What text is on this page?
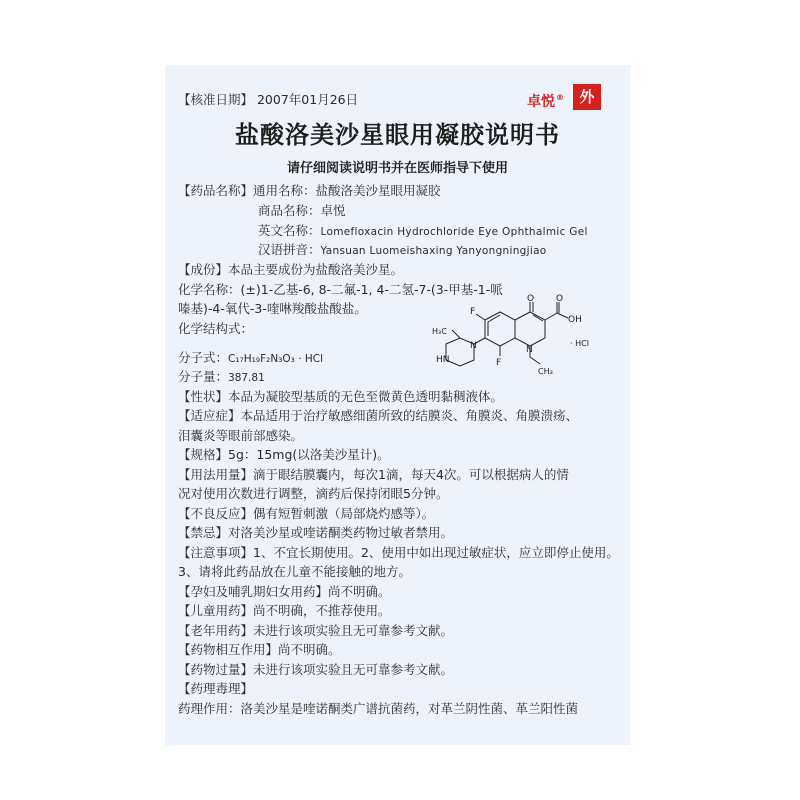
【核准日期】 2007年01月26日	卓悦®	外
盐酸洛美沙星眼用凝胶说明书
请仔细阅读说明书并在医师指导下使用
【药品名称】通用名称：盐酸洛美沙星眼用凝胶
商品名称：卓悦
英文名称：Lomefloxacin Hydrochloride Eye Ophthalmic Gel
汉语拼音：Yansuan Luomeishaxing Yanyongningjiao
【成份】本品主要成份为盐酸洛美沙星。
化学名称：(±)1-乙基-6, 8-二氟-1, 4-二氢-7-(3-甲基-1-哌
嗪基)-4-氧代-3-喹啉羧酸盐酸盐。
化学结构式：
F
F
O O
OH
N
N
HN
H₃C
CH₃
· HCl
分子式：C₁₇H₁₉F₂N₃O₃ · HCl
分子量：387.81
【性状】本品为凝胶型基质的无色至微黄色透明黏稠液体。
【适应症】本品适用于治疗敏感细菌所致的结膜炎、角膜炎、角膜溃疡、
泪囊炎等眼前部感染。
【规格】5g：15mg(以洛美沙星计)。
【用法用量】滴于眼结膜囊内，每次1滴，每天4次。可以根据病人的情
况对使用次数进行调整，滴药后保持闭眼5分钟。
【不良反应】偶有短暂刺激（局部烧灼感等）。
【禁忌】对洛美沙星或喹诺酮类药物过敏者禁用。
【注意事项】1、不宜长期使用。2、使用中如出现过敏症状，应立即停止使用。
3、请将此药品放在儿童不能接触的地方。
【孕妇及哺乳期妇女用药】尚不明确。
【儿童用药】尚不明确，不推荐使用。
【老年用药】未进行该项实验且无可靠参考文献。
【药物相互作用】尚不明确。
【药物过量】未进行该项实验且无可靠参考文献。
【药理毒理】
药理作用：洛美沙星是喹诺酮类广谱抗菌药，对革兰阴性菌、革兰阳性菌
